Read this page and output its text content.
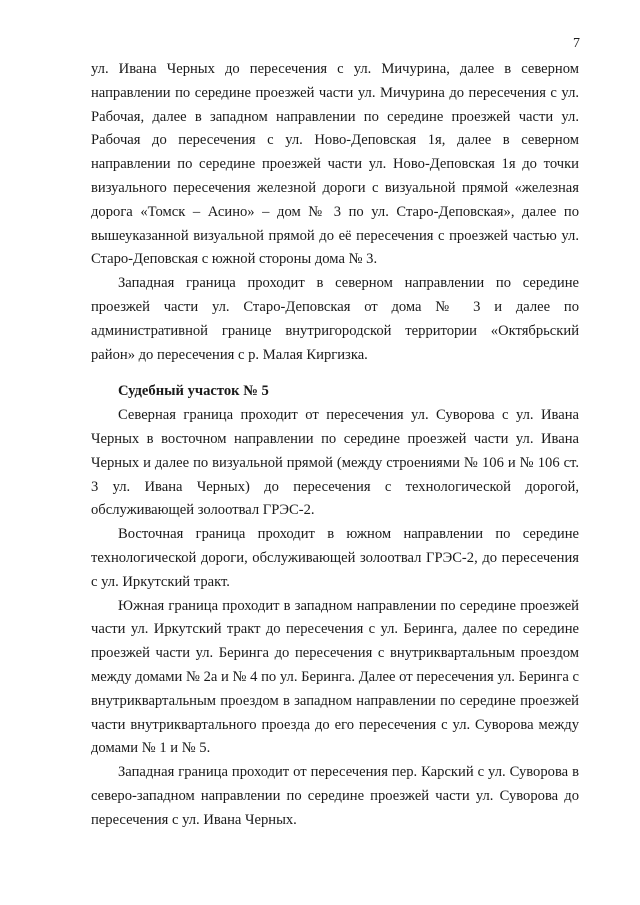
7

ул. Ивана Черных до пересечения с ул. Мичурина, далее в северном направлении по середине проезжей части ул. Мичурина до пересечения с ул. Рабочая, далее в западном направлении по середине проезжей части ул. Рабочая до пересечения с ул. Ново-Деповская 1я, далее в северном направлении по середине проезжей части ул. Ново-Деповская 1я до точки визуального пересечения железной дороги с визуальной прямой «железная дорога «Томск – Асино» – дом № 3 по ул. Старо-Деповская», далее по вышеуказанной визуальной прямой до её пересечения с проезжей частью ул. Старо-Деповская с южной стороны дома № 3.

Западная граница проходит в северном направлении по середине проезжей части ул. Старо-Деповская от дома № 3 и далее по административной границе внутригородской территории «Октябрьский район» до пересечения с р. Малая Киргизка.

Судебный участок № 5

Северная граница проходит от пересечения ул. Суворова с ул. Ивана Черных в восточном направлении по середине проезжей части ул. Ивана Черных и далее по визуальной прямой (между строениями № 106 и № 106 ст. 3 ул. Ивана Черных) до пересечения с технологической дорогой, обслуживающей золоотвал ГРЭС-2.

Восточная граница проходит в южном направлении по середине технологической дороги, обслуживающей золоотвал ГРЭС-2, до пересечения с ул. Иркутский тракт.

Южная граница проходит в западном направлении по середине проезжей части ул. Иркутский тракт до пересечения с ул. Беринга, далее по середине проезжей части ул. Беринга до пересечения с внутриквартальным проездом между домами № 2а и № 4 по ул. Беринга. Далее от пересечения ул. Беринга с внутриквартальным проездом в западном направлении по середине проезжей части внутриквартального проезда до его пересечения с ул. Суворова между домами № 1 и № 5.

Западная граница проходит от пересечения пер. Карский с ул. Суворова в северо-западном направлении по середине проезжей части ул. Суворова до пересечения с ул. Ивана Черных.
